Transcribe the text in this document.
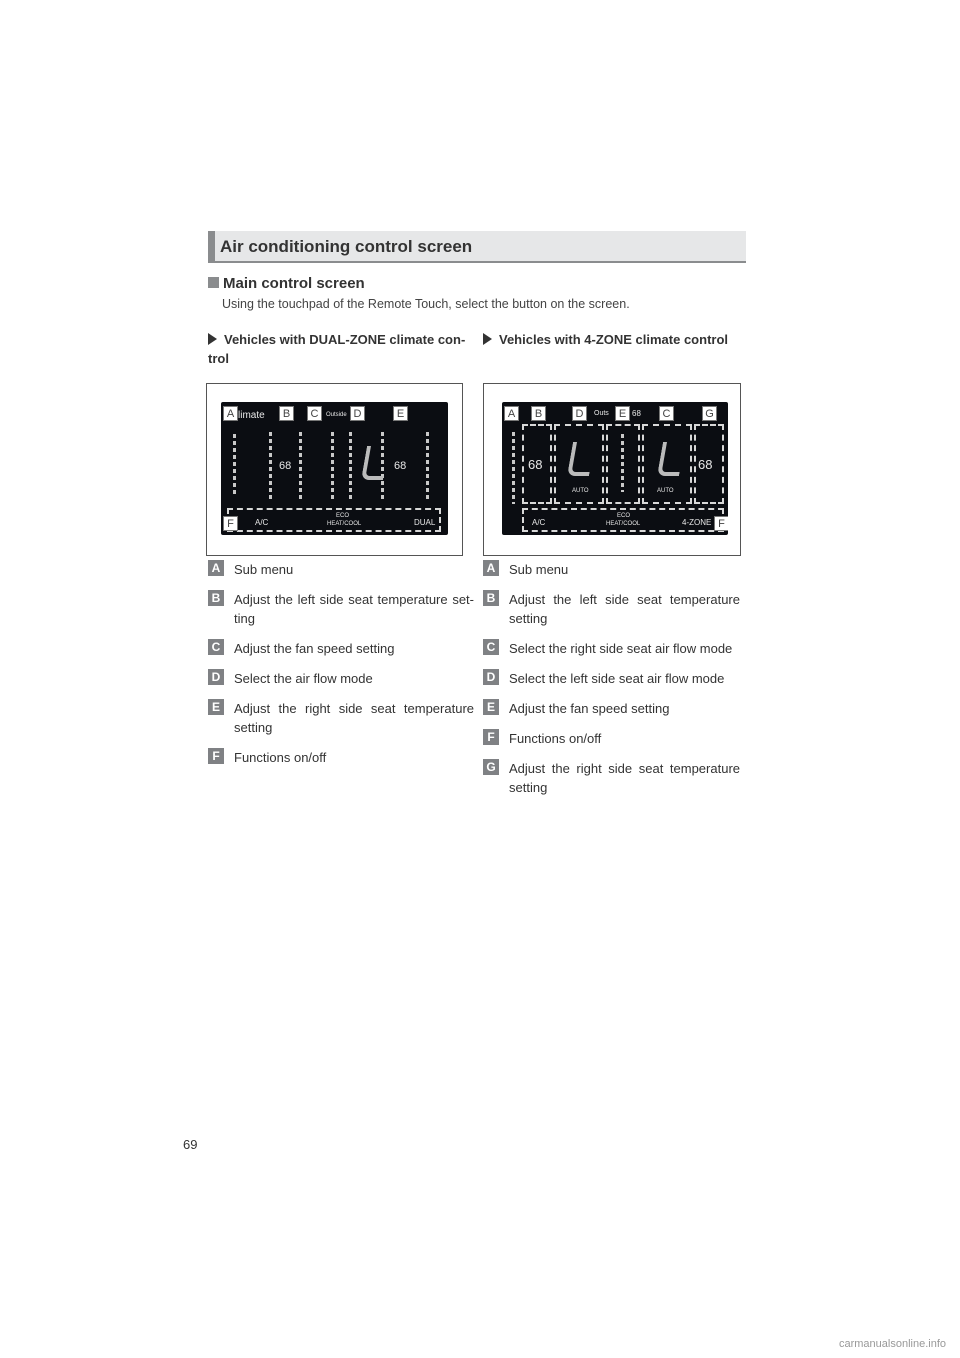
Air conditioning control screen
Main control screen
Using the touchpad of the Remote Touch, select the button on the screen.
Vehicles with DUAL-ZONE climate con-trol
Vehicles with 4-ZONE climate control
limate	Outside
68	68
A/C
ECO
HEAT/COOL	DUAL
A	B	C	D	E
F
Outs	68
68	68
AUTO	AUTO
A/C
ECO
HEAT/COOL	4-ZONE
A	B	D	E	C	G
F
A Sub menu
B Adjust the left side seat temperature set-ting
C Adjust the fan speed setting
D Select the air flow mode
E	Adjust the right side seat temperature setting
F	Functions on/off
A Sub menu
B Adjust the left side seat temperature setting
C Select the right side seat air flow mode
D Select the left side seat air flow mode
E	Adjust the fan speed setting
F	Functions on/off
G Adjust the right side seat temperature setting
69
carmanualsonline.info
